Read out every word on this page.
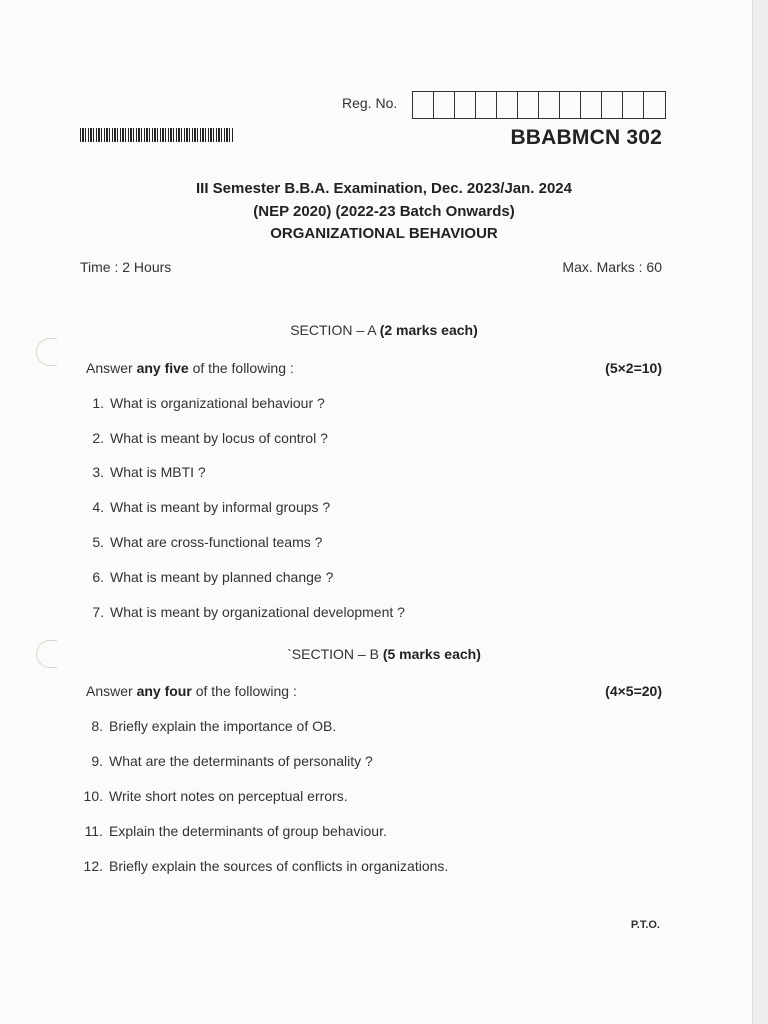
Reg. No.
BBABMCN 302
III Semester B.B.A. Examination, Dec. 2023/Jan. 2024
(NEP 2020) (2022-23 Batch Onwards)
ORGANIZATIONAL BEHAVIOUR
Time : 2 Hours	Max. Marks : 60
SECTION – A (2 marks each)
Answer any five of the following :	(5×2=10)
1. What is organizational behaviour ?
2. What is meant by locus of control ?
3. What is MBTI ?
4. What is meant by informal groups ?
5. What are cross-functional teams ?
6. What is meant by planned change ?
7. What is meant by organizational development ?
`SECTION – B (5 marks each)
Answer any four of the following :	(4×5=20)
8. Briefly explain the importance of OB.
9. What are the determinants of personality ?
10. Write short notes on perceptual errors.
11. Explain the determinants of group behaviour.
12. Briefly explain the sources of conflicts in organizations.
P.T.O.
